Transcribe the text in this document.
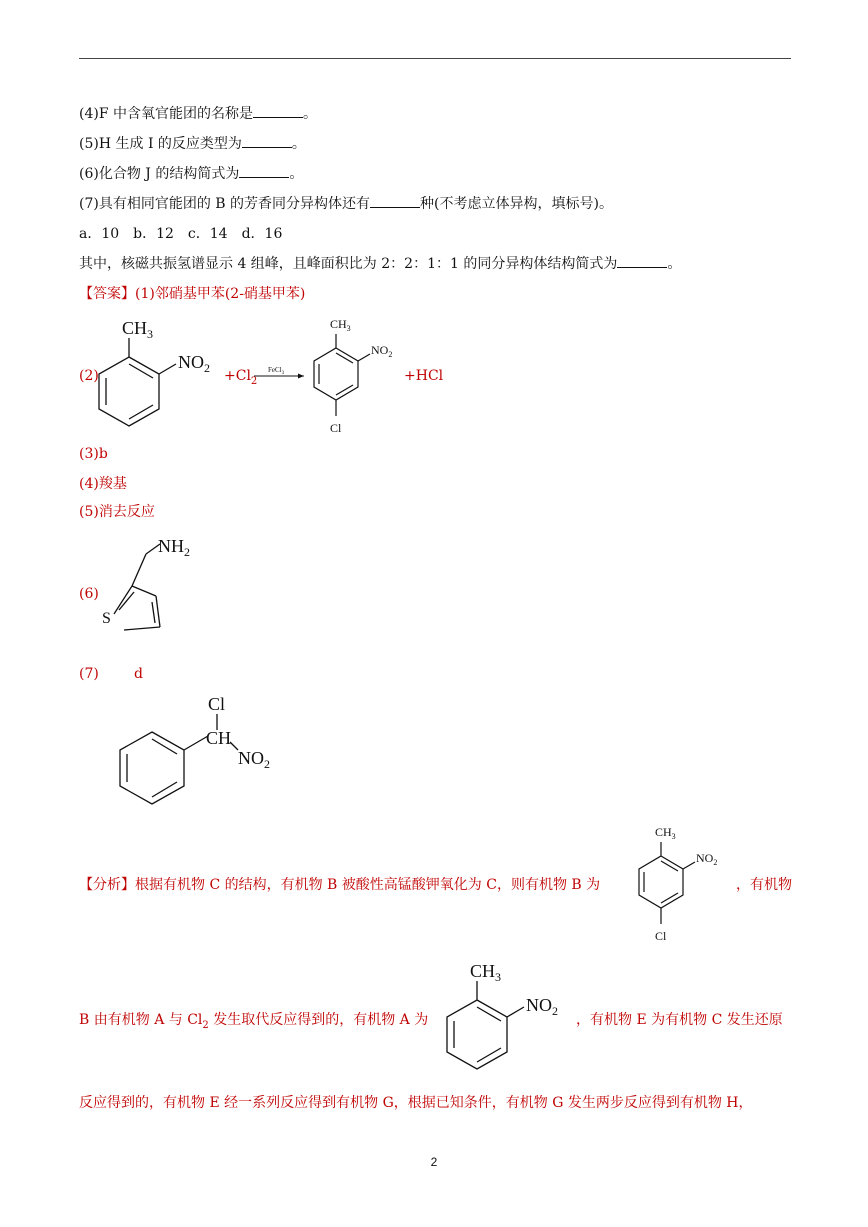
(4)F 中含氧官能团的名称是	。
(5)H 生成 I 的反应类型为	。
(6)化合物 J 的结构简式为	。
(7)具有相同官能团的 B 的芳香同分异构体还有	种(不考虑立体异构，填标号)。
a．10　b．12　c．14　d．16
其中，核磁共振氢谱显示 4 组峰，且峰面积比为 2：2：1：1 的同分异构体结构简式为	。
【答案】(1)邻硝基甲苯(2-硝基甲苯)
(2)
$CH_3$
$NO_2 +Cl_2$
FeCl$_3$
$CH_3$
$NO_2$
Cl
+HCl
(3)b
(4)羧基
(5)消去反应
(6)
$NH_2$
S
(7)	d
CH
Cl
$NO_2$
【分析】根据有机物 C 的结构，有机物 B 被酸性高锰酸钾氧化为 C，则有机物 B 为
$CH_3$
$NO_2$
Cl
，有机物
B 由有机物 A 与 $Cl_2$ 发生取代反应得到的，有机物 A 为
$CH_3$
$NO_2$
，有机物 E 为有机物 C 发生还原
反应得到的，有机物 E 经一系列反应得到有机物 G，根据已知条件，有机物 G 发生两步反应得到有机物 H，
2
